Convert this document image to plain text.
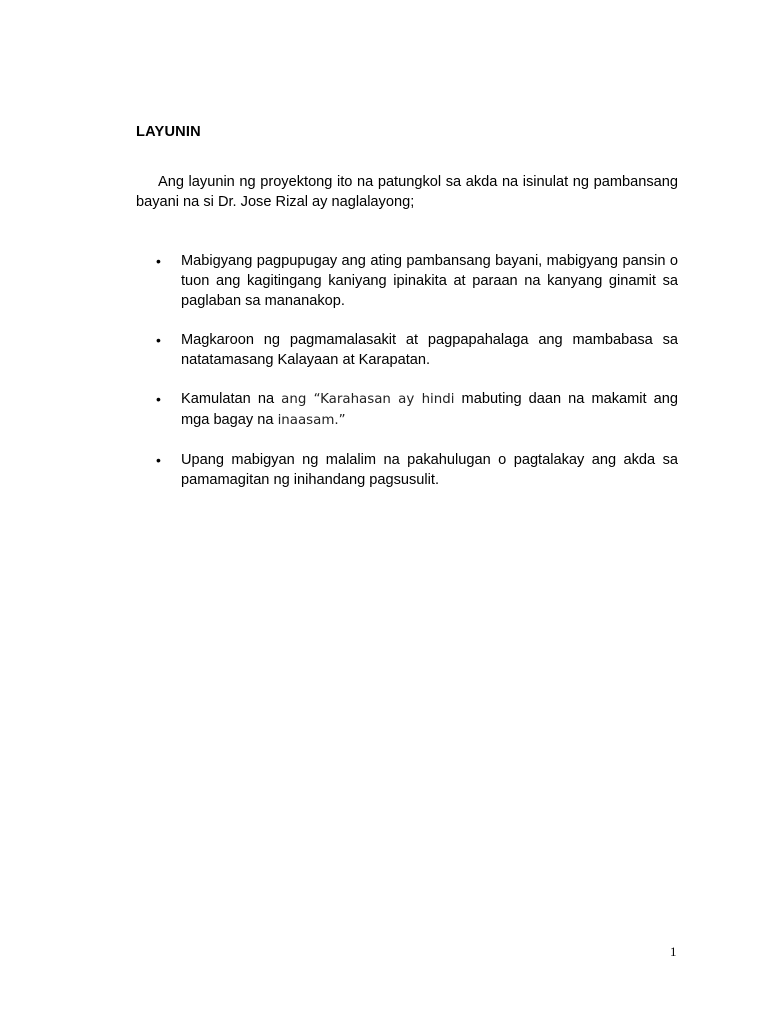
LAYUNIN

Ang layunin ng proyektong ito na patungkol sa akda na isinulat ng pambansang bayani na si Dr. Jose Rizal ay naglalayong;

•	Mabigyang pagpupugay ang ating pambansang bayani, mabigyang pansin o tuon ang kagitingang kaniyang ipinakita at paraan na kanyang ginamit sa paglaban sa mananakop.
•	Magkaroon ng pagmamalasakit at pagpapahalaga ang mambabasa sa natatamasang Kalayaan at Karapatan.
•	Kamulatan na ang “Karahasan ay hindi mabuting daan na makamit ang mga bagay na inaasam.”
•	Upang mabigyan ng malalim na pakahulugan o pagtalakay ang akda sa pamamagitan ng inihandang pagsusulit.
1
